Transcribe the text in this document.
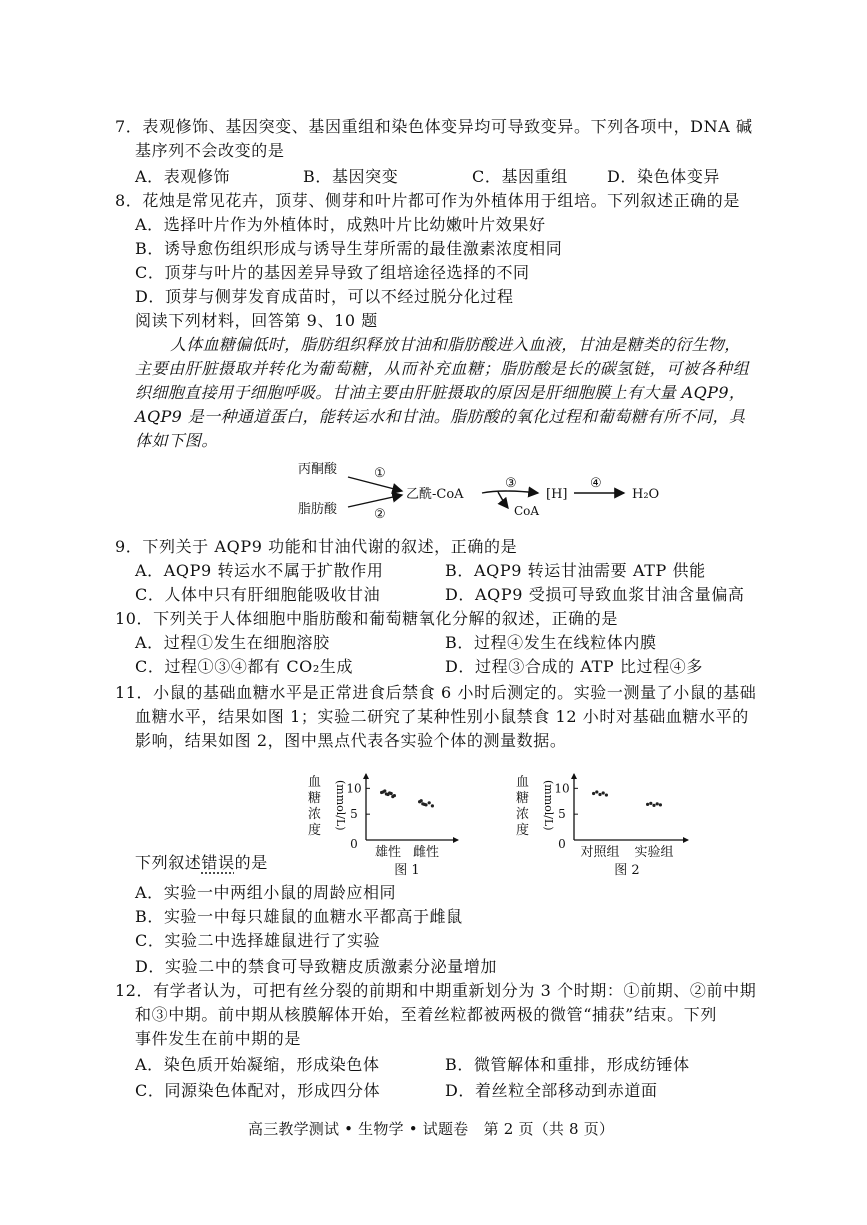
7．表观修饰、基因突变、基因重组和染色体变异均可导致变异。下列各项中，DNA 碱
基序列不会改变的是
A．表观修饰	B．基因突变	C．基因重组 D．染色体变异
8．花烛是常见花卉，顶芽、侧芽和叶片都可作为外植体用于组培。下列叙述正确的是
A．选择叶片作为外植体时，成熟叶片比幼嫩叶片效果好
B．诱导愈伤组织形成与诱导生芽所需的最佳激素浓度相同
C．顶芽与叶片的基因差异导致了组培途径选择的不同
D．顶芽与侧芽发育成苗时，可以不经过脱分化过程
阅读下列材料，回答第 9、10 题
人体血糖偏低时，脂肪组织释放甘油和脂肪酸进入血液，甘油是糖类的衍生物，
主要由肝脏摄取并转化为葡萄糖，从而补充血糖；脂肪酸是长的碳氢链，可被各种组
织细胞直接用于细胞呼吸。甘油主要由肝脏摄取的原因是肝细胞膜上有大量 AQP9，
AQP9 是一种通道蛋白，能转运水和甘油。脂肪酸的氧化过程和葡萄糖有所不同，具
体如下图。
丙酮酸
脂肪酸
①
②
乙酰-CoA
③
CoA
[H]
④
H₂O
9．下列关于 AQP9 功能和甘油代谢的叙述，正确的是
A．AQP9 转运水不属于扩散作用	B．AQP9 转运甘油需要 ATP 供能
C．人体中只有肝细胞能吸收甘油	D．AQP9 受损可导致血浆甘油含量偏高
10．下列关于人体细胞中脂肪酸和葡萄糖氧化分解的叙述，正确的是
A．过程①发生在细胞溶胶	B．过程④发生在线粒体内膜
C．过程①③④都有 CO₂生成	D．过程③合成的 ATP 比过程④多
11．小鼠的基础血糖水平是正常进食后禁食 6 小时后测定的。实验一测量了小鼠的基础
血糖水平，结果如图 1；实验二研究了某种性别小鼠禁食 12 小时对基础血糖水平的
影响，结果如图 2，图中黑点代表各实验个体的测量数据。
血
糖
浓
度 (mmol/L)
0
5
10
雄性 雌性
图 1
血
糖
浓
度 (mmol/L)
0
5
10
对照组 实验组
图 2
下列叙述错误的是
A．实验一中两组小鼠的周龄应相同
B．实验一中每只雄鼠的血糖水平都高于雌鼠
C．实验二中选择雄鼠进行了实验
D．实验二中的禁食可导致糖皮质激素分泌量增加
12．有学者认为，可把有丝分裂的前期和中期重新划分为 3 个时期：①前期、②前中期
和③中期。前中期从核膜解体开始，至着丝粒都被两极的微管“捕获”结束。下列
事件发生在前中期的是
A．染色质开始凝缩，形成染色体	B．微管解体和重排，形成纺锤体
C．同源染色体配对，形成四分体	D．着丝粒全部移动到赤道面
高三教学测试 • 生物学 • 试题卷　第 2 页（共 8 页）
